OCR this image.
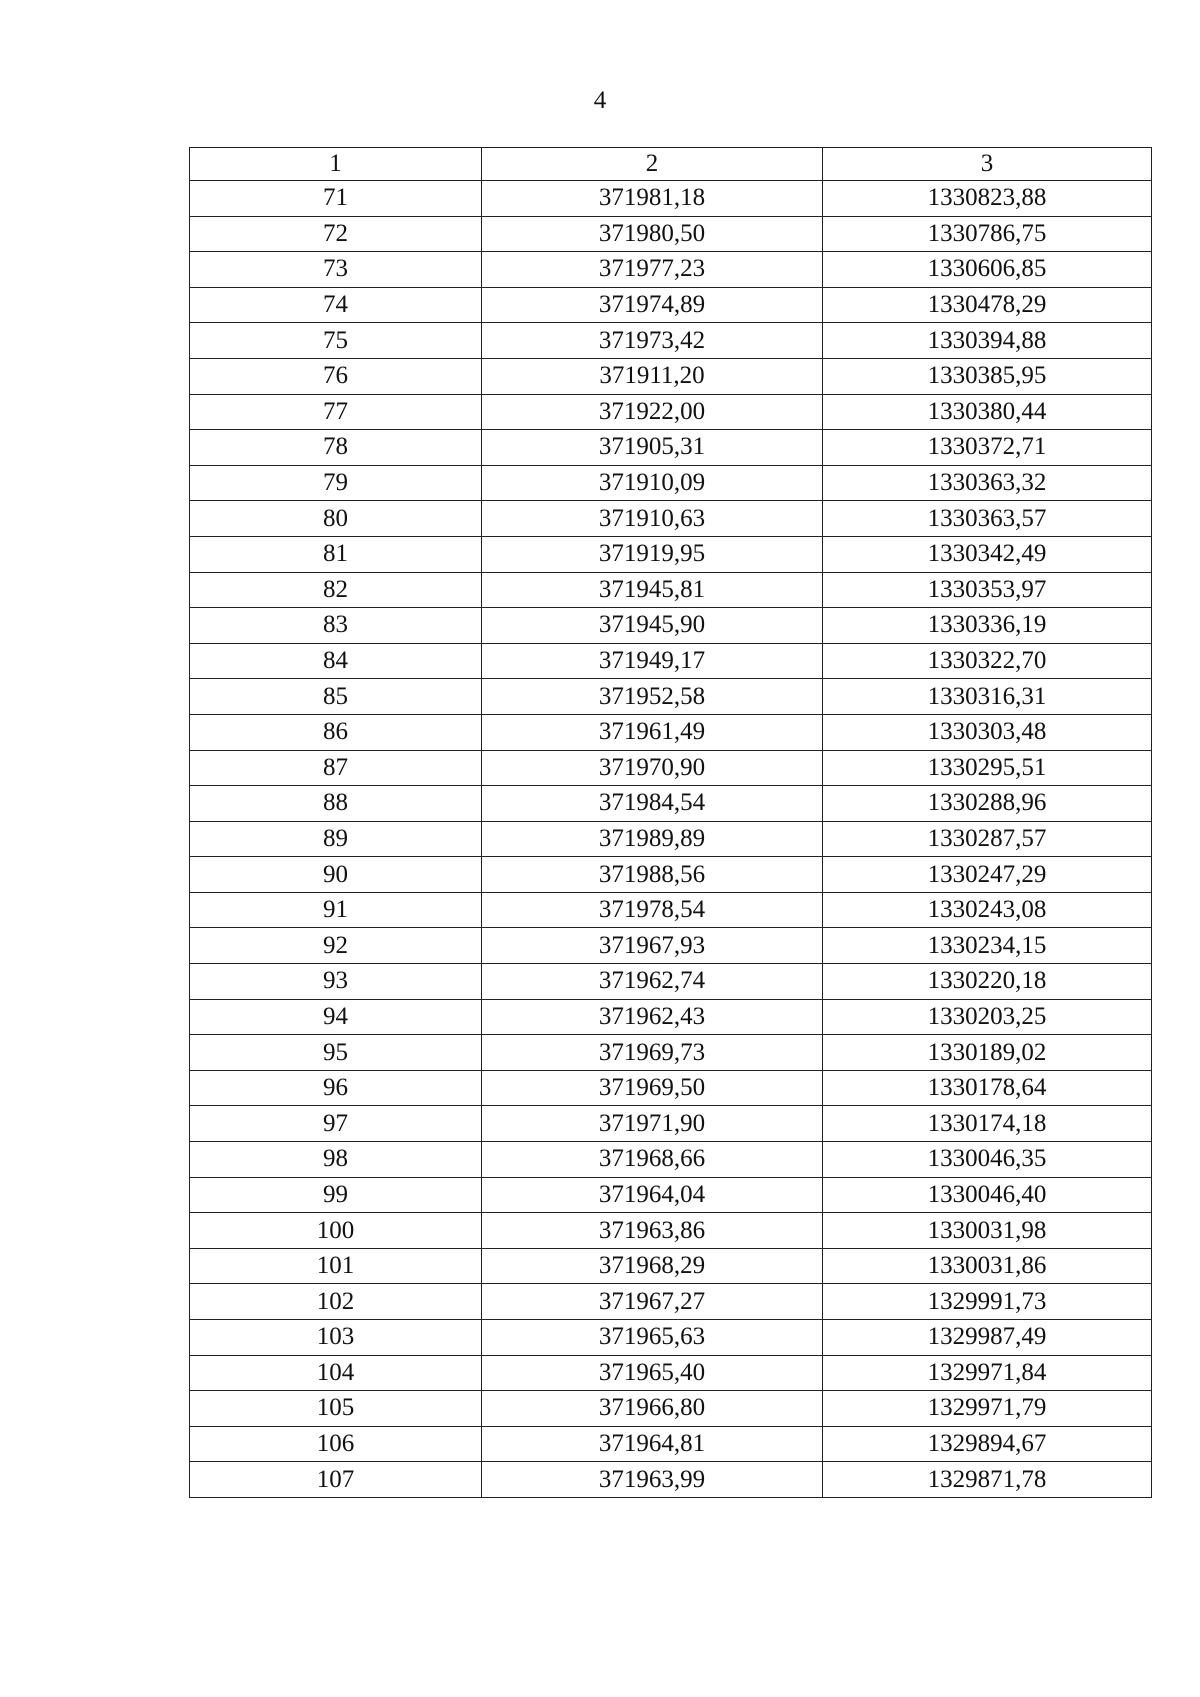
4
1	2	3
71	371981,18	1330823,88
72	371980,50	1330786,75
73	371977,23	1330606,85
74	371974,89	1330478,29
75	371973,42	1330394,88
76	371911,20	1330385,95
77	371922,00	1330380,44
78	371905,31	1330372,71
79	371910,09	1330363,32
80	371910,63	1330363,57
81	371919,95	1330342,49
82	371945,81	1330353,97
83	371945,90	1330336,19
84	371949,17	1330322,70
85	371952,58	1330316,31
86	371961,49	1330303,48
87	371970,90	1330295,51
88	371984,54	1330288,96
89	371989,89	1330287,57
90	371988,56	1330247,29
91	371978,54	1330243,08
92	371967,93	1330234,15
93	371962,74	1330220,18
94	371962,43	1330203,25
95	371969,73	1330189,02
96	371969,50	1330178,64
97	371971,90	1330174,18
98	371968,66	1330046,35
99	371964,04	1330046,40
100	371963,86	1330031,98
101	371968,29	1330031,86
102	371967,27	1329991,73
103	371965,63	1329987,49
104	371965,40	1329971,84
105	371966,80	1329971,79
106	371964,81	1329894,67
107	371963,99	1329871,78
